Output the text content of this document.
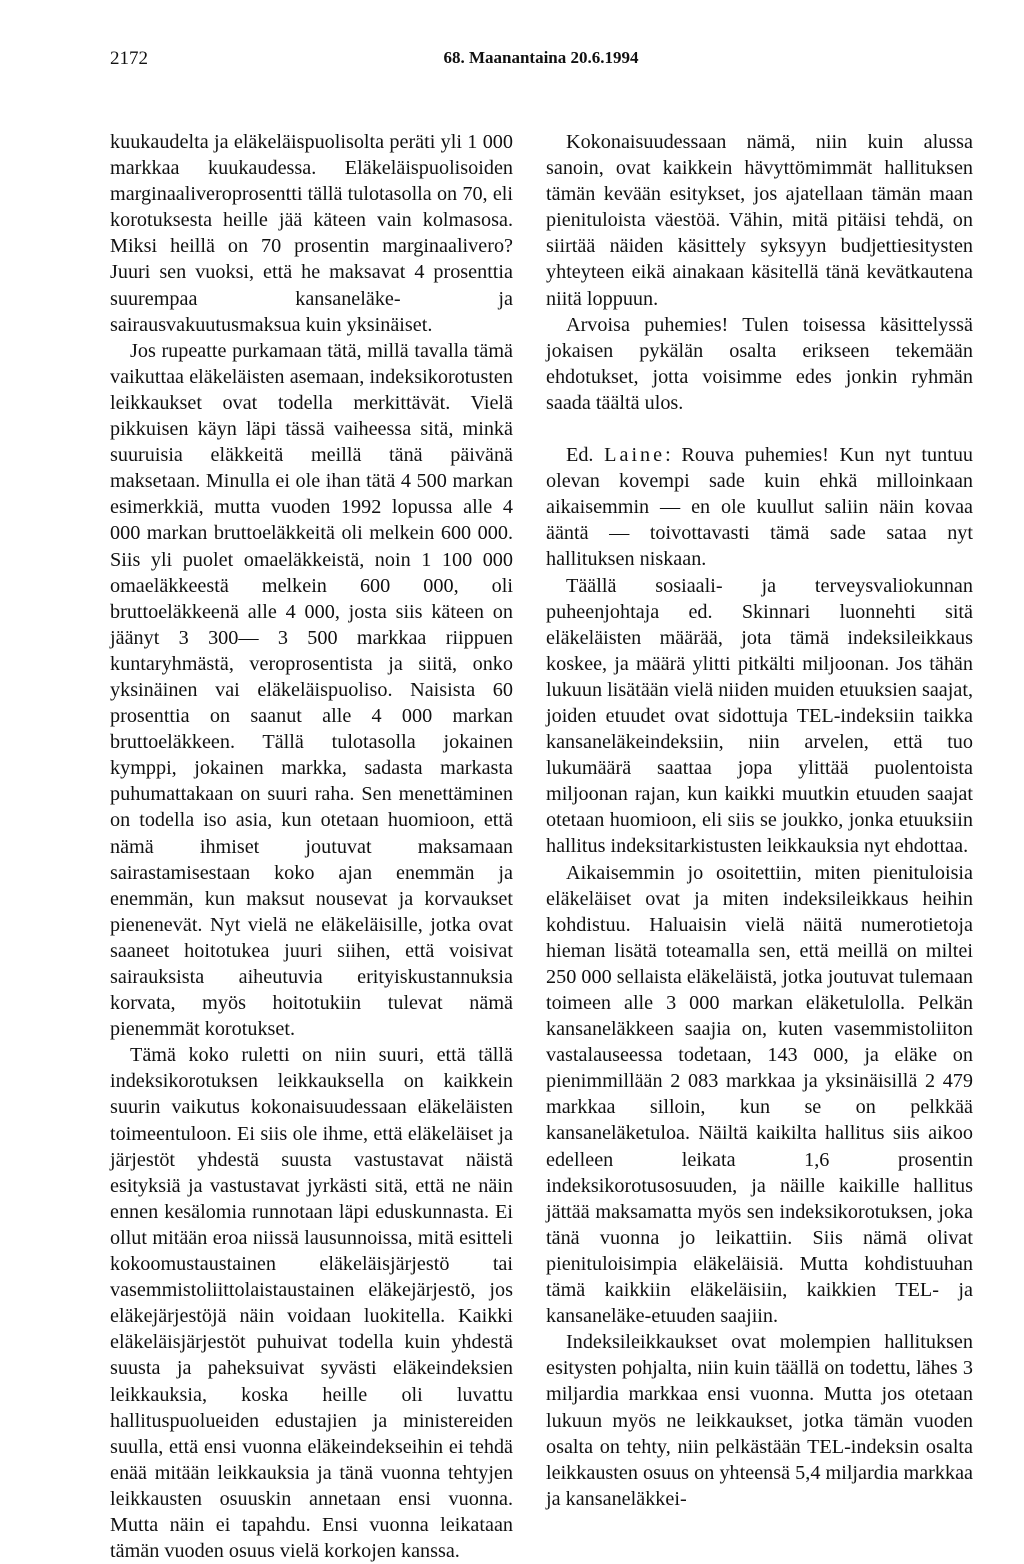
2172	68. Maanantaina 20.6.1994

kuukaudelta ja eläkeläispuolisolta peräti yli 1 000 markkaa kuukaudessa. Eläkeläispuolisoiden marginaaliveroprosentti tällä tulotasolla on 70, eli korotuksesta heille jää käteen vain kolmasosa. Miksi heillä on 70 prosentin marginaalivero? Juuri sen vuoksi, että he maksavat 4 prosenttia suurempaa kansaneläke- ja sairausvakuutusmaksua kuin yksinäiset.

Jos rupeatte purkamaan tätä, millä tavalla tämä vaikuttaa eläkeläisten asemaan, indeksikorotusten leikkaukset ovat todella merkittävät. Vielä pikkuisen käyn läpi tässä vaiheessa sitä, minkä suuruisia eläkkeitä meillä tänä päivänä maksetaan. Minulla ei ole ihan tätä 4 500 markan esimerkkiä, mutta vuoden 1992 lopussa alle 4 000 markan bruttoeläkkeitä oli melkein 600 000. Siis yli puolet omaeläkkeistä, noin 1 100 000 omaeläkkeestä melkein 600 000, oli bruttoeläkkeenä alle 4 000, josta siis käteen on jäänyt 3 300— 3 500 markkaa riippuen kuntaryhmästä, veroprosentista ja siitä, onko yksinäinen vai eläkeläispuoliso. Naisista 60 prosenttia on saanut alle 4 000 markan bruttoeläkkeen. Tällä tulotasolla jokainen kymppi, jokainen markka, sadasta markasta puhumattakaan on suuri raha. Sen menettäminen on todella iso asia, kun otetaan huomioon, että nämä ihmiset joutuvat maksamaan sairastamisestaan koko ajan enemmän ja enemmän, kun maksut nousevat ja korvaukset pienenevät. Nyt vielä ne eläkeläisille, jotka ovat saaneet hoitotukea juuri siihen, että voisivat sairauksista aiheutuvia erityiskustannuksia korvata, myös hoitotukiin tulevat nämä pienemmät korotukset.

Tämä koko ruletti on niin suuri, että tällä indeksikorotuksen leikkauksella on kaikkein suurin vaikutus kokonaisuudessaan eläkeläisten toimeentuloon. Ei siis ole ihme, että eläkeläiset ja järjestöt yhdestä suusta vastustavat näistä esityksiä ja vastustavat jyrkästi sitä, että ne näin ennen kesälomia runnotaan läpi eduskunnasta. Ei ollut mitään eroa niissä lausunnoissa, mitä esitteli kokoomustaustainen eläkeläisjärjestö tai vasemmistoliittolaistaustainen eläkejärjestö, jos eläkejärjestöjä näin voidaan luokitella. Kaikki eläkeläisjärjestöt puhuivat todella kuin yhdestä suusta ja paheksuivat syvästi eläkeindeksien leikkauksia, koska heille oli luvattu hallituspuolueiden edustajien ja ministereiden suulla, että ensi vuonna eläkeindekseihin ei tehdä enää mitään leikkauksia ja tänä vuonna tehtyjen leikkausten osuuskin annetaan ensi vuonna. Mutta näin ei tapahdu. Ensi vuonna leikataan tämän vuoden osuus vielä korkojen kanssa.

Kokonaisuudessaan nämä, niin kuin alussa sanoin, ovat kaikkein hävyttömimmät hallituksen tämän kevään esitykset, jos ajatellaan tämän maan pienituloista väestöä. Vähin, mitä pitäisi tehdä, on siirtää näiden käsittely syksyyn budjettiesitysten yhteyteen eikä ainakaan käsitellä tänä kevätkautena niitä loppuun.

Arvoisa puhemies! Tulen toisessa käsittelyssä jokaisen pykälän osalta erikseen tekemään ehdotukset, jotta voisimme edes jonkin ryhmän saada täältä ulos.

Ed. Laine: Rouva puhemies! Kun nyt tuntuu olevan kovempi sade kuin ehkä milloinkaan aikaisemmin — en ole kuullut saliin näin kovaa ääntä — toivottavasti tämä sade sataa nyt hallituksen niskaan.

Täällä sosiaali- ja terveysvaliokunnan puheenjohtaja ed. Skinnari luonnehti sitä eläkeläisten määrää, jota tämä indeksileikkaus koskee, ja määrä ylitti pitkälti miljoonan. Jos tähän lukuun lisätään vielä niiden muiden etuuksien saajat, joiden etuudet ovat sidottuja TEL-indeksiin taikka kansaneläkeindeksiin, niin arvelen, että tuo lukumäärä saattaa jopa ylittää puolentoista miljoonan rajan, kun kaikki muutkin etuuden saajat otetaan huomioon, eli siis se joukko, jonka etuuksiin hallitus indeksitarkistusten leikkauksia nyt ehdottaa.

Aikaisemmin jo osoitettiin, miten pienituloisia eläkeläiset ovat ja miten indeksileikkaus heihin kohdistuu. Haluaisin vielä näitä numerotietoja hieman lisätä toteamalla sen, että meillä on miltei 250 000 sellaista eläkeläistä, jotka joutuvat tulemaan toimeen alle 3 000 markan eläketulolla. Pelkän kansaneläkkeen saajia on, kuten vasemmistoliiton vastalauseessa todetaan, 143 000, ja eläke on pienimmillään 2 083 markkaa ja yksinäisillä 2 479 markkaa silloin, kun se on pelkkää kansaneläketuloa. Näiltä kaikilta hallitus siis aikoo edelleen leikata 1,6 prosentin indeksikorotusosuuden, ja näille kaikille hallitus jättää maksamatta myös sen indeksikorotuksen, joka tänä vuonna jo leikattiin. Siis nämä olivat pienituloisimpia eläkeläisiä. Mutta kohdistuuhan tämä kaikkiin eläkeläisiin, kaikkien TEL- ja kansaneläke-etuuden saajiin.

Indeksileikkaukset ovat molempien hallituksen esitysten pohjalta, niin kuin täällä on todettu, lähes 3 miljardia markkaa ensi vuonna. Mutta jos otetaan lukuun myös ne leikkaukset, jotka tämän vuoden osalta on tehty, niin pelkästään TEL-indeksin osalta leikkausten osuus on yhteensä 5,4 miljardia markkaa ja kansaneläkkei-
